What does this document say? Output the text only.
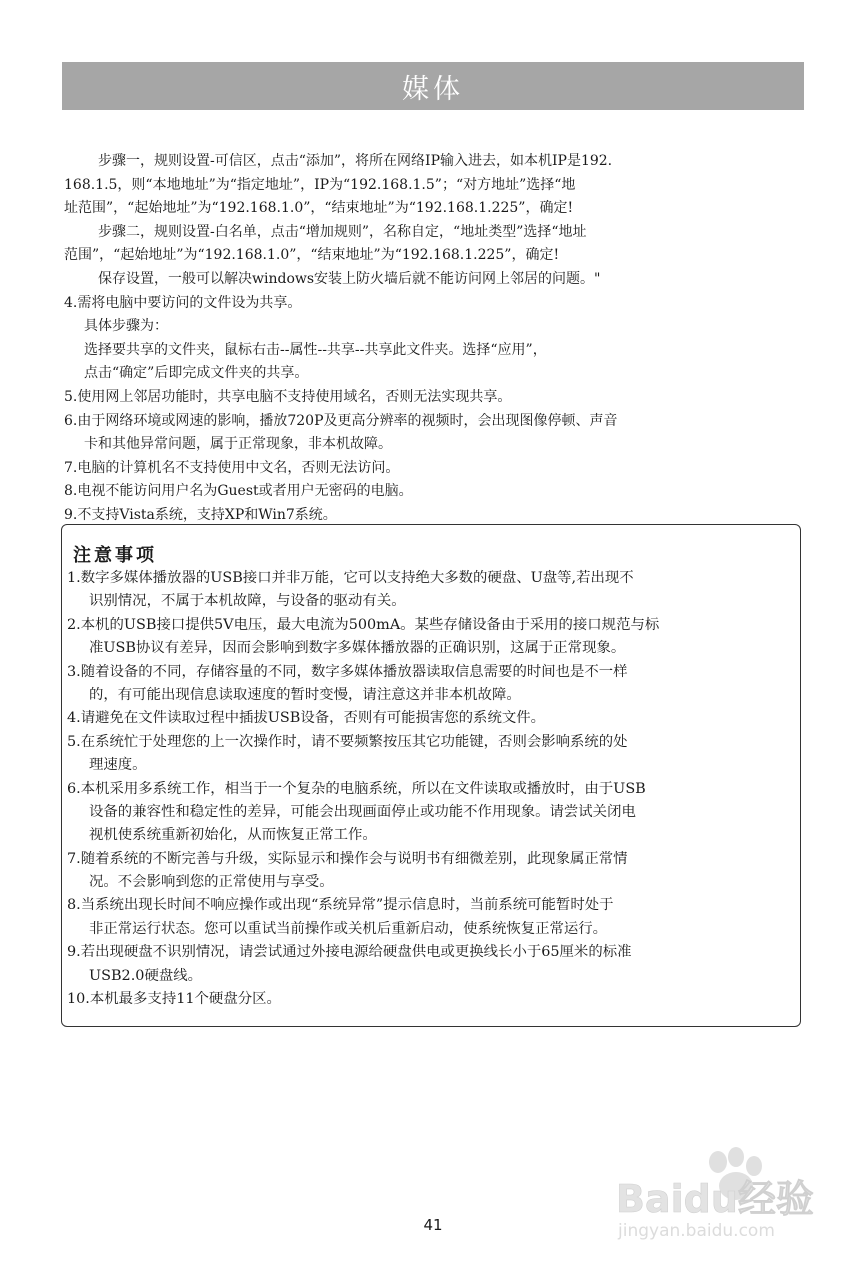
媒体
步骤一，规则设置-可信区，点击“添加”，将所在网络IP输入进去，如本机IP是192.
168.1.5，则“本地地址”为“指定地址”，IP为“192.168.1.5”；“对方地址”选择“地
址范围”，“起始地址”为“192.168.1.0”，“结束地址”为“192.168.1.225”，确定!
步骤二，规则设置-白名单，点击“增加规则”，名称自定，“地址类型”选择“地址
范围”，“起始地址”为“192.168.1.0”，“结束地址”为“192.168.1.225”，确定!
保存设置，一般可以解决windows安装上防火墙后就不能访问网上邻居的问题。"
4.需将电脑中要访问的文件设为共享。
具体步骤为：
选择要共享的文件夹，鼠标右击--属性--共享--共享此文件夹。选择“应用”，
点击“确定”后即完成文件夹的共享。
5.使用网上邻居功能时，共享电脑不支持使用域名，否则无法实现共享。
6.由于网络环境或网速的影响，播放720P及更高分辨率的视频时，会出现图像停顿、声音
卡和其他异常问题，属于正常现象，非本机故障。
7.电脑的计算机名不支持使用中文名，否则无法访问。
8.电视不能访问用户名为Guest或者用户无密码的电脑。
9.不支持Vista系统，支持XP和Win7系统。
注意事项
1.数字多媒体播放器的USB接口并非万能，它可以支持绝大多数的硬盘、U盘等,若出现不
识别情况，不属于本机故障，与设备的驱动有关。
2.本机的USB接口提供5V电压，最大电流为500mA。某些存储设备由于采用的接口规范与标
准USB协议有差异，因而会影响到数字多媒体播放器的正确识别，这属于正常现象。
3.随着设备的不同，存储容量的不同，数字多媒体播放器读取信息需要的时间也是不一样
的，有可能出现信息读取速度的暂时变慢，请注意这并非本机故障。
4.请避免在文件读取过程中插拔USB设备，否则有可能损害您的系统文件。
5.在系统忙于处理您的上一次操作时，请不要频繁按压其它功能键，否则会影响系统的处
理速度。
6.本机采用多系统工作，相当于一个复杂的电脑系统，所以在文件读取或播放时，由于USB
设备的兼容性和稳定性的差异，可能会出现画面停止或功能不作用现象。请尝试关闭电
视机使系统重新初始化，从而恢复正常工作。
7.随着系统的不断完善与升级，实际显示和操作会与说明书有细微差别，此现象属正常情
况。不会影响到您的正常使用与享受。
8.当系统出现长时间不响应操作或出现“系统异常”提示信息时，当前系统可能暂时处于
非正常运行状态。您可以重试当前操作或关机后重新启动，使系统恢复正常运行。
9.若出现硬盘不识别情况，请尝试通过外接电源给硬盘供电或更换线长小于65厘米的标准
USB2.0硬盘线。
10.本机最多支持11个硬盘分区。
Baidu经验
jingyan.baidu.com
41
